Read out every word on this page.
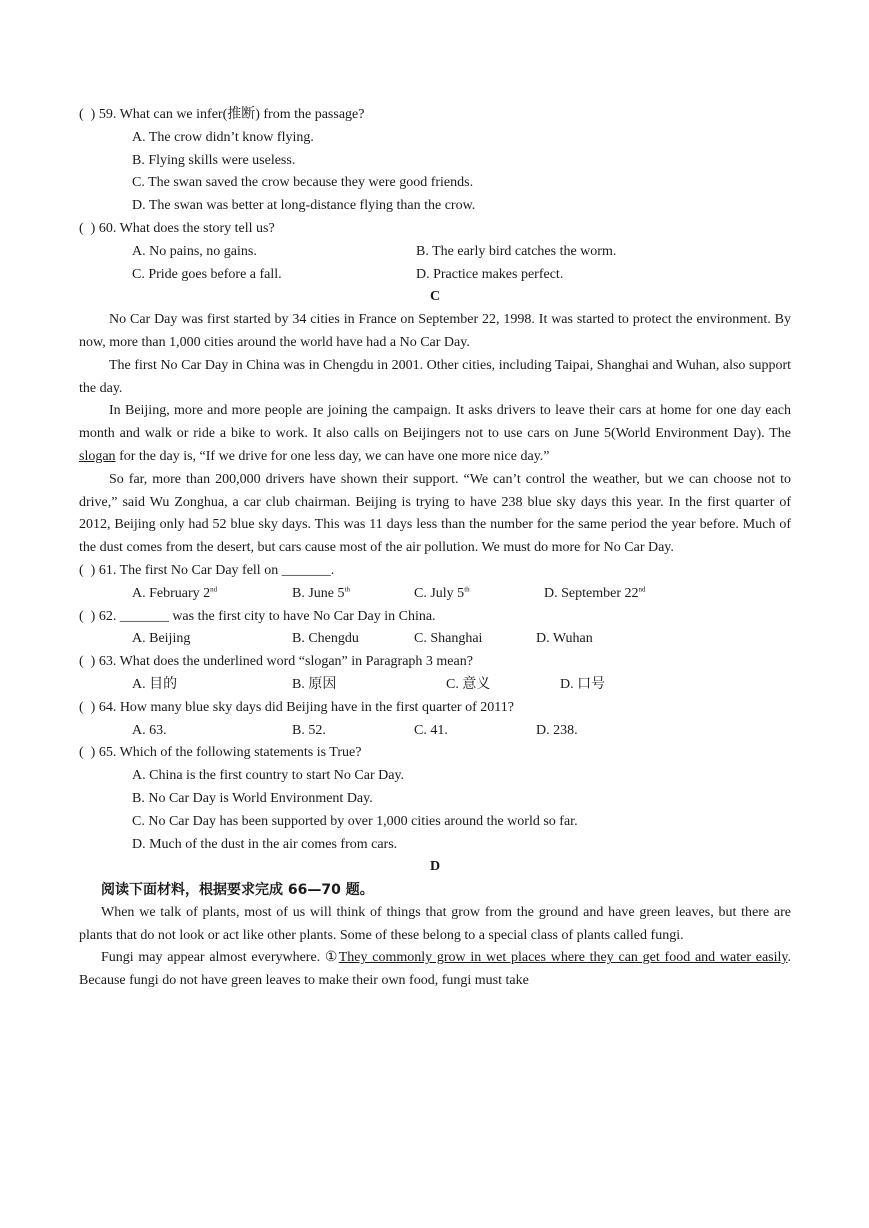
(  ) 59. What can we infer(推断) from the passage?
A. The crow didn’t know flying.
B. Flying skills were useless.
C. The swan saved the crow because they were good friends.
D. The swan was better at long-distance flying than the crow.
(  ) 60. What does the story tell us?
A. No pains, no gains.	B. The early bird catches the worm.
C. Pride goes before a fall.	D. Practice makes perfect.
C
No Car Day was first started by 34 cities in France on September 22, 1998. It was started to protect the environment. By now, more than 1,000 cities around the world have had a No Car Day.
The first No Car Day in China was in Chengdu in 2001. Other cities, including Taipai, Shanghai and Wuhan, also support the day.
In Beijing, more and more people are joining the campaign. It asks drivers to leave their cars at home for one day each month and walk or ride a bike to work. It also calls on Beijingers not to use cars on June 5(World Environment Day). The slogan for the day is, “If we drive for one less day, we can have one more nice day.”
So far, more than 200,000 drivers have shown their support. “We can’t control the weather, but we can choose not to drive,” said Wu Zonghua, a car club chairman. Beijing is trying to have 238 blue sky days this year. In the first quarter of 2012, Beijing only had 52 blue sky days. This was 11 days less than the number for the same period the year before. Much of the dust comes from the desert, but cars cause most of the air pollution. We must do more for No Car Day.
(  ) 61. The first No Car Day fell on _______.
A. February 2nd	B. June 5th	C. July 5th	D. September 22nd
(  ) 62. _______ was the first city to have No Car Day in China.
A. Beijing	B. Chengdu	C. Shanghai	D. Wuhan
(  ) 63. What does the underlined word “slogan” in Paragraph 3 mean?
A. 目的	B. 原因	C. 意义	D. 口号
(  ) 64. How many blue sky days did Beijing have in the first quarter of 2011?
A. 63.	B. 52.	C. 41.	D. 238.
(  ) 65. Which of the following statements is True?
A. China is the first country to start No Car Day.
B. No Car Day is World Environment Day.
C. No Car Day has been supported by over 1,000 cities around the world so far.
D. Much of the dust in the air comes from cars.
D
阅读下面材料，根据要求完成 66—70 题。
When we talk of plants, most of us will think of things that grow from the ground and have green leaves, but there are plants that do not look or act like other plants. Some of these belong to a special class of plants called fungi.
Fungi may appear almost everywhere. ①They commonly grow in wet places where they can get food and water easily. Because fungi do not have green leaves to make their own food, fungi must take
